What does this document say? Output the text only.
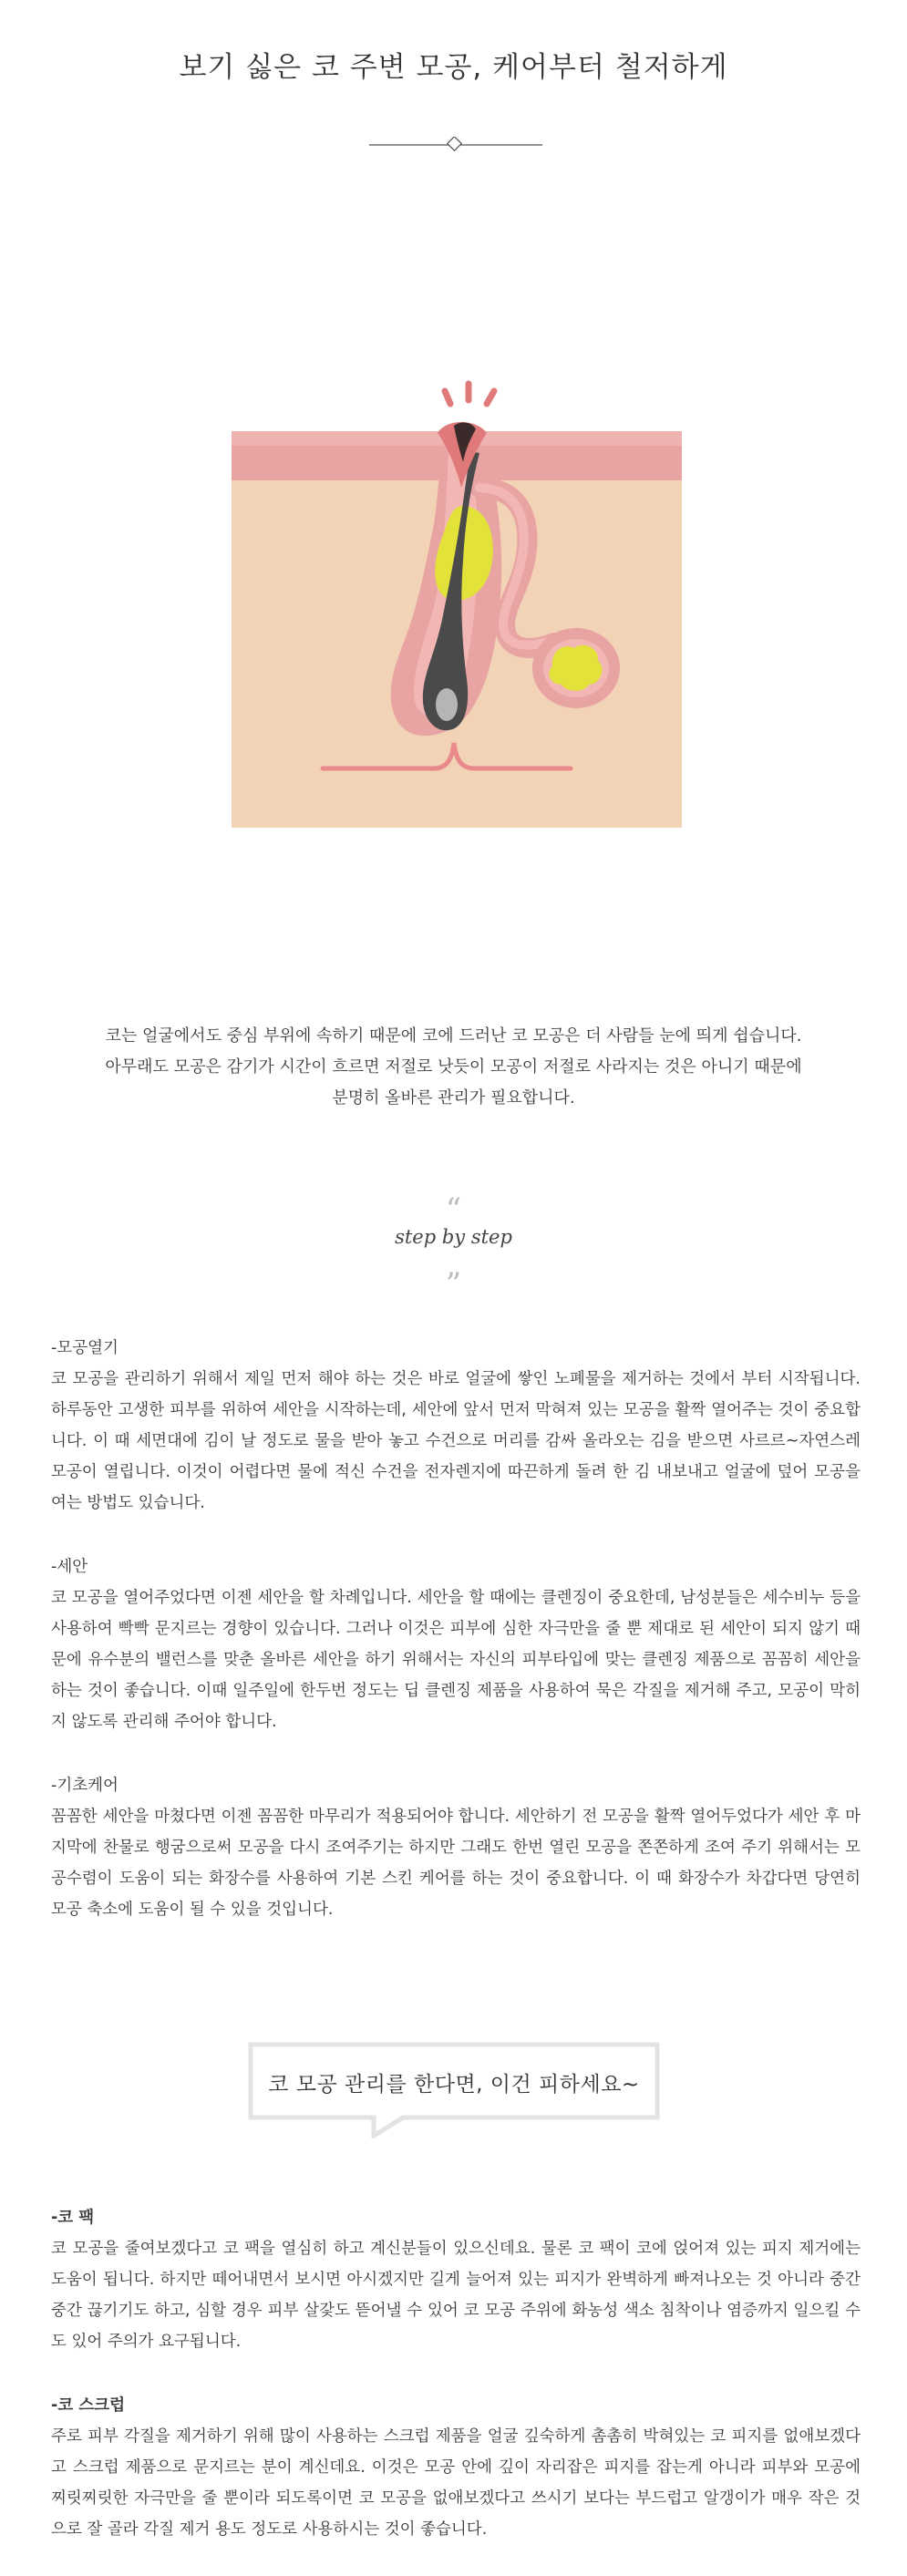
보기 싫은 코 주변 모공, 케어부터 철저하게

코는 얼굴에서도 중심 부위에 속하기 때문에 코에 드러난 코 모공은 더 사람들 눈에 띄게 쉽습니다.

아무래도 모공은 감기가 시간이 흐르면 저절로 낫듯이 모공이 저절로 사라지는 것은 아니기 때문에

분명히 올바른 관리가 필요합니다.

“
step by step
”
-모공열기
코 모공을 관리하기 위해서 제일 먼저 해야 하는 것은 바로 얼굴에 쌓인 노폐물을 제거하는 것에서 부터 시작됩니다. 하루동안 고생한 피부를 위하여 세안을 시작하는데, 세안에 앞서 먼저 막혀져 있는 모공을 활짝 열어주는 것이 중요합니다. 이 때 세면대에 김이 날 정도로 물을 받아 놓고 수건으로 머리를 감싸 올라오는 김을 받으면 사르르~자연스레 모공이 열립니다. 이것이 어렵다면 물에 적신 수건을 전자렌지에 따끈하게 돌려 한 김 내보내고 얼굴에 덮어 모공을 여는 방법도 있습니다.
-세안
코 모공을 열어주었다면 이젠 세안을 할 차례입니다. 세안을 할 때에는 클렌징이 중요한데, 남성분들은 세수비누 등을 사용하여 빡빡 문지르는 경향이 있습니다. 그러나 이것은 피부에 심한 자극만을 줄 뿐 제대로 된 세안이 되지 않기 때문에 유수분의 밸런스를 맞춘 올바른 세안을 하기 위해서는 자신의 피부타입에 맞는 클렌징 제품으로 꼼꼼히 세안을 하는 것이 좋습니다. 이때 일주일에 한두번 정도는 딥 클렌징 제품을 사용하여 묵은 각질을 제거해 주고, 모공이 막히지 않도록 관리해 주어야 합니다.
-기초케어
꼼꼼한 세안을 마쳤다면 이젠 꼼꼼한 마무리가 적용되어야 합니다. 세안하기 전 모공을 활짝 열어두었다가 세안 후 마지막에 찬물로 행굼으로써 모공을 다시 조여주기는 하지만 그래도 한번 열린 모공을 쫀쫀하게 조여 주기 위해서는 모공수렴이 도움이 되는 화장수를 사용하여 기본 스킨 케어를 하는 것이 중요합니다. 이 때 화장수가 차갑다면 당연히 모공 축소에 도움이 될 수 있을 것입니다.
코 모공 관리를 한다면, 이건 피하세요~
-코 팩
코 모공을 줄여보겠다고 코 팩을 열심히 하고 계신분들이 있으신데요. 물론 코 팩이 코에 얹어져 있는 피지 제거에는 도움이 됩니다. 하지만 떼어내면서 보시면 아시겠지만 길게 늘어져 있는 피지가 완벽하게 빠져나오는 것 아니라 중간 중간 끊기기도 하고, 심할 경우 피부 살갗도 뜯어낼 수 있어 코 모공 주위에 화농성 색소 침착이나 염증까지 일으킬 수도 있어 주의가 요구됩니다.
-코 스크럽
주로 피부 각질을 제거하기 위해 많이 사용하는 스크럽 제품을 얼굴 깊숙하게 촘촘히 박혀있는 코 피지를 없애보겠다고 스크럽 제품으로 문지르는 분이 계신데요. 이것은 모공 안에 깊이 자리잡은 피지를 잡는게 아니라 피부와 모공에 찌릿찌릿한 자극만을 줄 뿐이라 되도록이면 코 모공을 없애보겠다고 쓰시기 보다는 부드럽고 알갱이가 매우 작은 것으로 잘 골라 각질 제거 용도 정도로 사용하시는 것이 좋습니다.
